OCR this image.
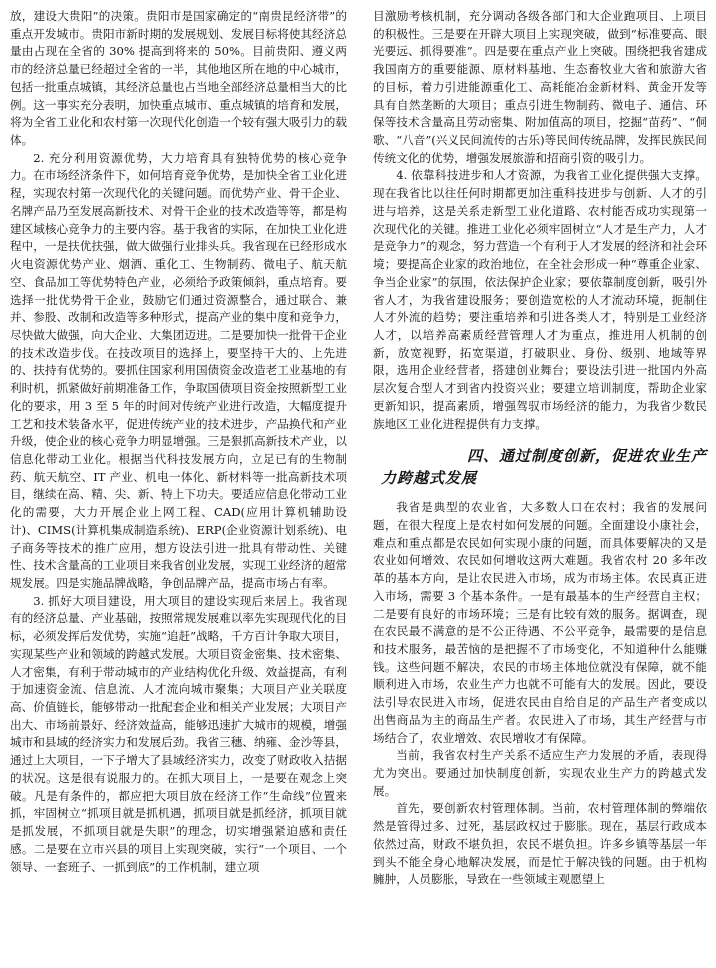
放，建设大贵阳”的决策。贵阳市是国家确定的“南贵昆经济带”的重点开发城市。贵阳市新时期的发展规划、发展目标将使其经济总量由占现在全省的 30% 提高到将来的 50%。目前贵阳、遵义两市的经济总量已经超过全省的一半，其他地区所在地的中心城市，包括一批重点城镇，其经济总量也占当地全部经济总量相当大的比例。这一事实充分表明，加快重点城市、重点城镇的培育和发展，将为全省工业化和农村第一次现代化创造一个较有强大吸引力的载体。

2. 充分利用资源优势，大力培育具有独特优势的核心竞争力。在市场经济条件下，如何培育竞争优势，是加快全省工业化进程，实现农村第一次现代化的关键问题。而优势产业、骨干企业、名牌产品乃至发展高新技术、对骨干企业的技术改造等等，都是构建区域核心竞争力的主要内容。基于我省的实际，在加快工业化进程中，一是扶优扶强，做大做强行业排头兵。我省现在已经形成水火电资源优势产业、烟酒、重化工、生物制药、微电子、航天航空、食品加工等优势特色产业，必须给予政策倾斜，重点培育。要选择一批优势骨干企业，鼓励它们通过资源整合，通过联合、兼并、参股、改制和改造等多种形式，提高产业的集中度和竞争力，尽快做大做强，向大企业、大集团迈进。二是要加快一批骨干企业的技术改造步伐。在技改项目的选择上，要坚持干大的、上先进的、扶持有优势的。要抓住国家利用国债资金改造老工业基地的有利时机，抓紧做好前期准备工作，争取国债项目资金按照新型工业化的要求，用 3 至 5 年的时间对传统产业进行改造，大幅度提升工艺和技术装备水平，促进传统产业的技术进步，产品换代和产业升级，使企业的核心竞争力明显增强。三是狠抓高新技术产业，以信息化带动工业化。根据当代科技发展方向，立足已有的生物制药、航天航空、IT 产业、机电一体化、新材料等一批高新技术项目，继续在高、精、尖、新、特上下功夫。要适应信息化带动工业化的需要，大力开展企业上网工程、CAD(应用计算机辅助设计)、CIMS(计算机集成制造系统)、ERP(企业资源计划系统)、电子商务等技术的推广应用，想方设法引进一批具有带动性、关键性、技术含量高的工业项目来我省创业发展，实现工业经济的超常规发展。四是实施品牌战略，争创品牌产品，提高市场占有率。

3. 抓好大项目建设，用大项目的建设实现后来居上。我省现有的经济总量、产业基础，按照常规发展难以率先实现现代化的目标，必须发挥后发优势，实施“追赶”战略，千方百计争取大项目，实现某些产业和领域的跨越式发展。大项目资金密集、技术密集、人才密集，有利于带动城市的产业结构优化升级、效益提高，有利于加速资金流、信息流、人才流向城市聚集；大项目产业关联度高、价值链长，能够带动一批配套企业和相关产业发展；大项目产出大、市场前景好、经济效益高，能够迅速扩大城市的规模，增强城市和县域的经济实力和发展后劲。我省三穗、纳雍、金沙等县，通过上大项目，一下子增大了县域经济实力，改变了财政收入拮据的状况。这是很有说服力的。在抓大项目上，一是要在观念上突破。凡是有条件的，都应把大项目放在经济工作“生命线”位置来抓，牢固树立“抓项目就是抓机遇，抓项目就是抓经济，抓项目就是抓发展，不抓项目就是失职”的理念，切实增强紧迫感和责任感。二是要在立市兴县的项目上实现突破，实行“一个项目、一个领导、一套班子、一抓到底”的工作机制，建立项

目激励考核机制，充分调动各级各部门和大企业跑项目、上项目的积极性。三是要在开辟大项目上实现突破，做到“标准要高、眼光要远、抓得要准”。四是要在重点产业上突破。围绕把我省建成我国南方的重要能源、原材料基地、生态畜牧业大省和旅游大省的目标，着力引进能源重化工、高耗能冶金新材料、黄金开发等具有自然垄断的大项目；重点引进生物制药、微电子、通信、环保等技术含量高且劳动密集、附加值高的项目，挖掘“苗药”、“侗歌、“八音”(兴义民间流传的古乐)等民间传统品牌，发挥民族民间传统文化的优势，增强发展旅游和招商引资的吸引力。

4. 依靠科技进步和人才资源，为我省工业化提供强大支撑。现在我省比以往任何时期都更加注重科技进步与创新、人才的引进与培养，这是关系走新型工业化道路、农村能否成功实现第一次现代化的关键。推进工业化必须牢固树立“人才是生产力，人才是竞争力”的观念，努力营造一个有利于人才发展的经济和社会环境；要提高企业家的政治地位，在全社会形成一种“尊重企业家、争当企业家”的氛围，依法保护企业家；要依靠制度创新，吸引外省人才，为我省建设服务；要创造宽松的人才流动环境，扼制住人才外流的趋势；要注重培养和引进各类人才，特别是工业经济人才，以培养高素质经营管理人才为重点，推进用人机制的创新，放宽视野，拓宽渠道，打破职业、身份、级别、地域等界限，选用企业经营者，搭建创业舞台；要设法引进一批国内外高层次复合型人才到省内投资兴业；要建立培训制度，帮助企业家更新知识，提高素质，增强驾驭市场经济的能力，为我省少数民族地区工业化进程提供有力支撑。

四、通过制度创新，促进农业生产
力跨越式发展

我省是典型的农业省，大多数人口在农村；我省的发展问题，在很大程度上是农村如何发展的问题。全面建设小康社会，难点和重点都是农民如何实现小康的问题，而具体要解决的又是农业如何增效、农民如何增收这两大难题。我省农村 20 多年改革的基本方向，是让农民进入市场，成为市场主体。农民真正进入市场，需要 3 个基本条件。一是有最基本的生产经营自主权；二是要有良好的市场环境；三是有比较有效的服务。据调查，现在农民最不满意的是不公正待遇、不公平竞争，最需要的是信息和技术服务，最苦恼的是把握不了市场变化，不知道种什么能赚钱。这些问题不解决，农民的市场主体地位就没有保障，就不能顺利进入市场，农业生产力也就不可能有大的发展。因此，要设法引导农民进入市场，促进农民由自给自足的产品生产者变成以出售商品为主的商品生产者。农民进入了市场，其生产经营与市场结合了，农业增效、农民增收才有保障。

当前，我省农村生产关系不适应生产力发展的矛盾，表现得尤为突出。要通过加快制度创新，实现农业生产力的跨越式发展。

首先，要创新农村管理体制。当前，农村管理体制的弊端依然是管得过多、过死，基层政权过于膨胀。现在，基层行政成本依然过高，财政不堪负担，农民不堪负担。许多乡镇等基层一年到头不能全身心地解决发展，而是忙于解决钱的问题。由于机构臃肿，人员膨胀，导致在一些领域主观愿望上
